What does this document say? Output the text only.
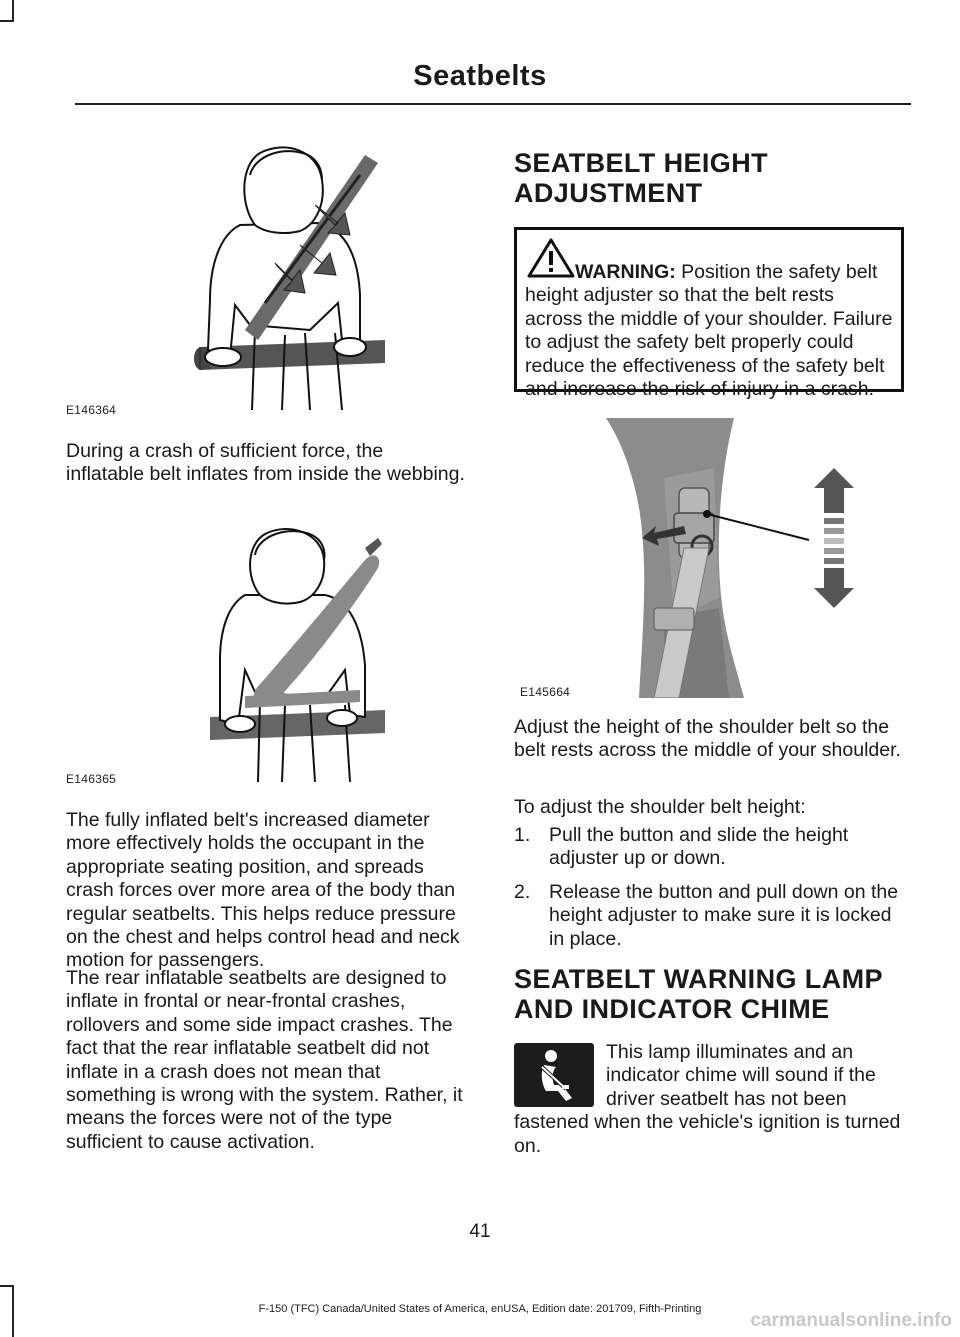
Seatbelts
E146364

During a crash of sufficient force, the inflatable belt inflates from inside the webbing.

E146365

The fully inflated belt's increased diameter more effectively holds the occupant in the appropriate seating position, and spreads crash forces over more area of the body than regular seatbelts. This helps reduce pressure on the chest and helps control head and neck motion for passengers.

The rear inflatable seatbelts are designed to inflate in frontal or near-frontal crashes, rollovers and some side impact crashes. The fact that the rear inflatable seatbelt did not inflate in a crash does not mean that something is wrong with the system. Rather, it means the forces were not of the type sufficient to cause activation.

SEATBELT HEIGHT
ADJUSTMENT
WARNING: Position the safety belt height adjuster so that the belt rests across the middle of your shoulder. Failure to adjust the safety belt properly could reduce the effectiveness of the safety belt and increase the risk of injury in a crash.
E145664

Adjust the height of the shoulder belt so the belt rests across the middle of your shoulder.

To adjust the shoulder belt height:

1. Pull the button and slide the height adjuster up or down.
2. Release the button and pull down on the height adjuster to make sure it is locked in place.
SEATBELT WARNING LAMP
AND INDICATOR CHIME
This lamp illuminates and an indicator chime will sound if the driver seatbelt has not been fastened when the vehicle's ignition is turned on.
41
F-150 (TFC) Canada/United States of America, enUSA, Edition date: 201709, Fifth-Printing
carmanualsonline.info
